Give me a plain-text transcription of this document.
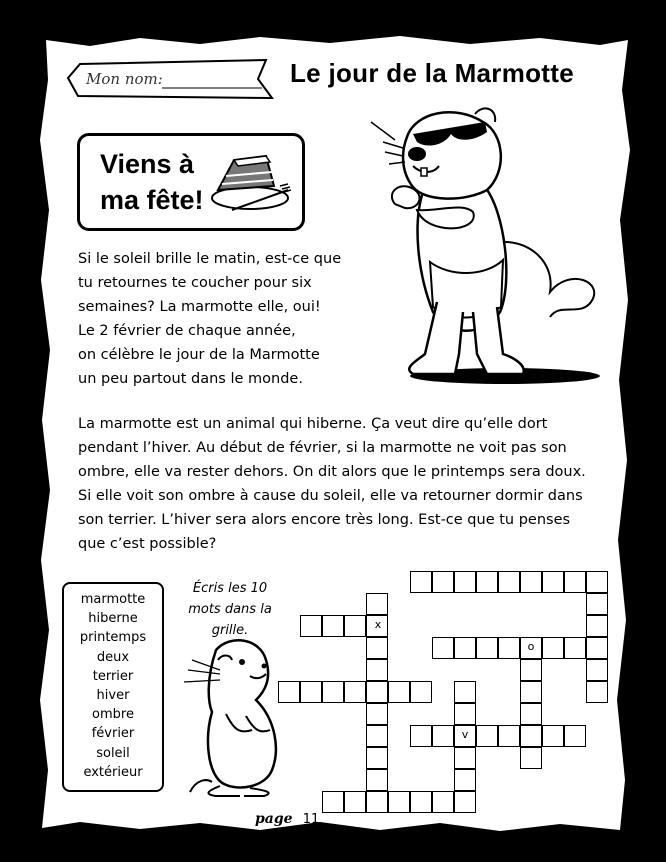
Mon nom:	Le jour de la Marmotte
Viens à
ma fête!
Si le soleil brille le matin, est-ce que
tu retournes te coucher pour six
semaines? La marmotte elle, oui!
Le 2 février de chaque année,
on célèbre le jour de la Marmotte
un peu partout dans le monde.
La marmotte est un animal qui hiberne. Ça veut dire qu’elle dort
pendant l’hiver. Au début de février, si la marmotte ne voit pas son
ombre, elle va rester dehors. On dit alors que le printemps sera doux.
Si elle voit son ombre à cause du soleil, elle va retourner dormir dans
son terrier. L’hiver sera alors encore très long. Est-ce que tu penses
que c’est possible?
marmotte
hiberne
printemps
deux
terrier
hiver
ombre
février
soleil
extérieur
Écris les 10
mots dans la
grille.	x
o
v
page 11
